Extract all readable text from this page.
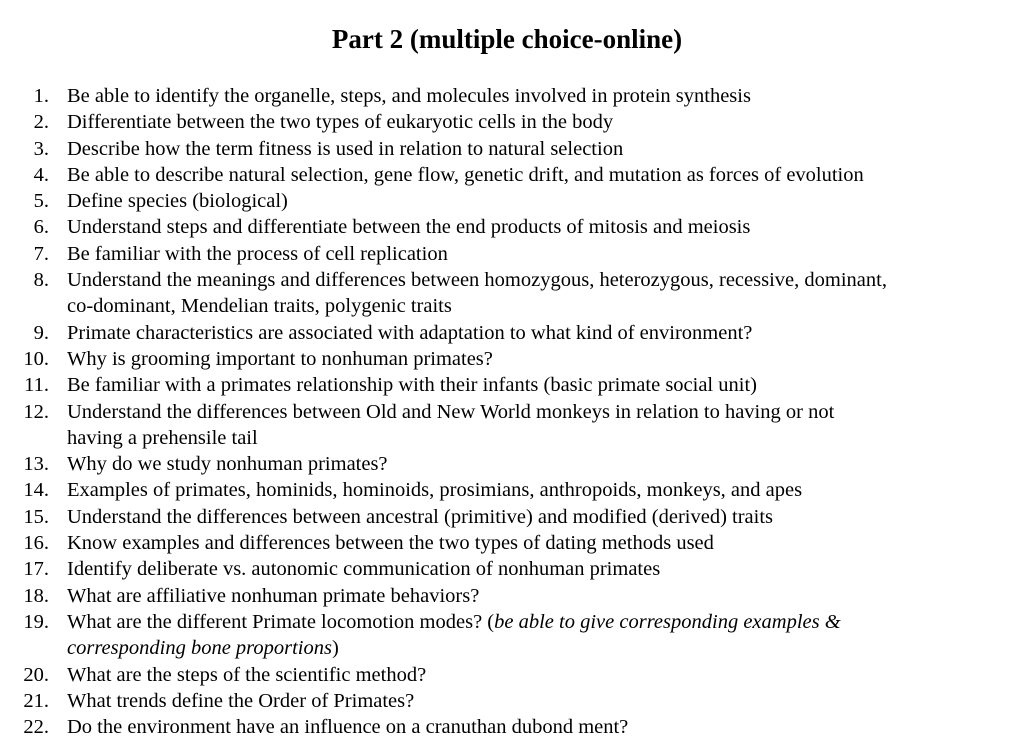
Part 2 (multiple choice-online)
1. Be able to identify the organelle, steps, and molecules involved in protein synthesis
2. Differentiate between the two types of eukaryotic cells in the body
3. Describe how the term fitness is used in relation to natural selection
4. Be able to describe natural selection, gene flow, genetic drift, and mutation as forces of evolution
5. Define species (biological)
6. Understand steps and differentiate between the end products of mitosis and meiosis
7. Be familiar with the process of cell replication
8. Understand the meanings and differences between homozygous, heterozygous, recessive, dominant,
co-dominant, Mendelian traits, polygenic traits
9. Primate characteristics are associated with adaptation to what kind of environment?
10. Why is grooming important to nonhuman primates?
11. Be familiar with a primates relationship with their infants (basic primate social unit)
12. Understand the differences between Old and New World monkeys in relation to having or not
having a prehensile tail
13. Why do we study nonhuman primates?
14. Examples of primates, hominids, hominoids, prosimians, anthropoids, monkeys, and apes
15. Understand the differences between ancestral (primitive) and modified (derived) traits
16. Know examples and differences between the two types of dating methods used
17. Identify deliberate vs. autonomic communication of nonhuman primates
18. What are affiliative nonhuman primate behaviors?
19. What are the different Primate locomotion modes? (be able to give corresponding examples &
corresponding bone proportions)
20. What are the steps of the scientific method?
21. What trends define the Order of Primates?
22. Do the environment have an influence on a cranuthan dubond ment?
